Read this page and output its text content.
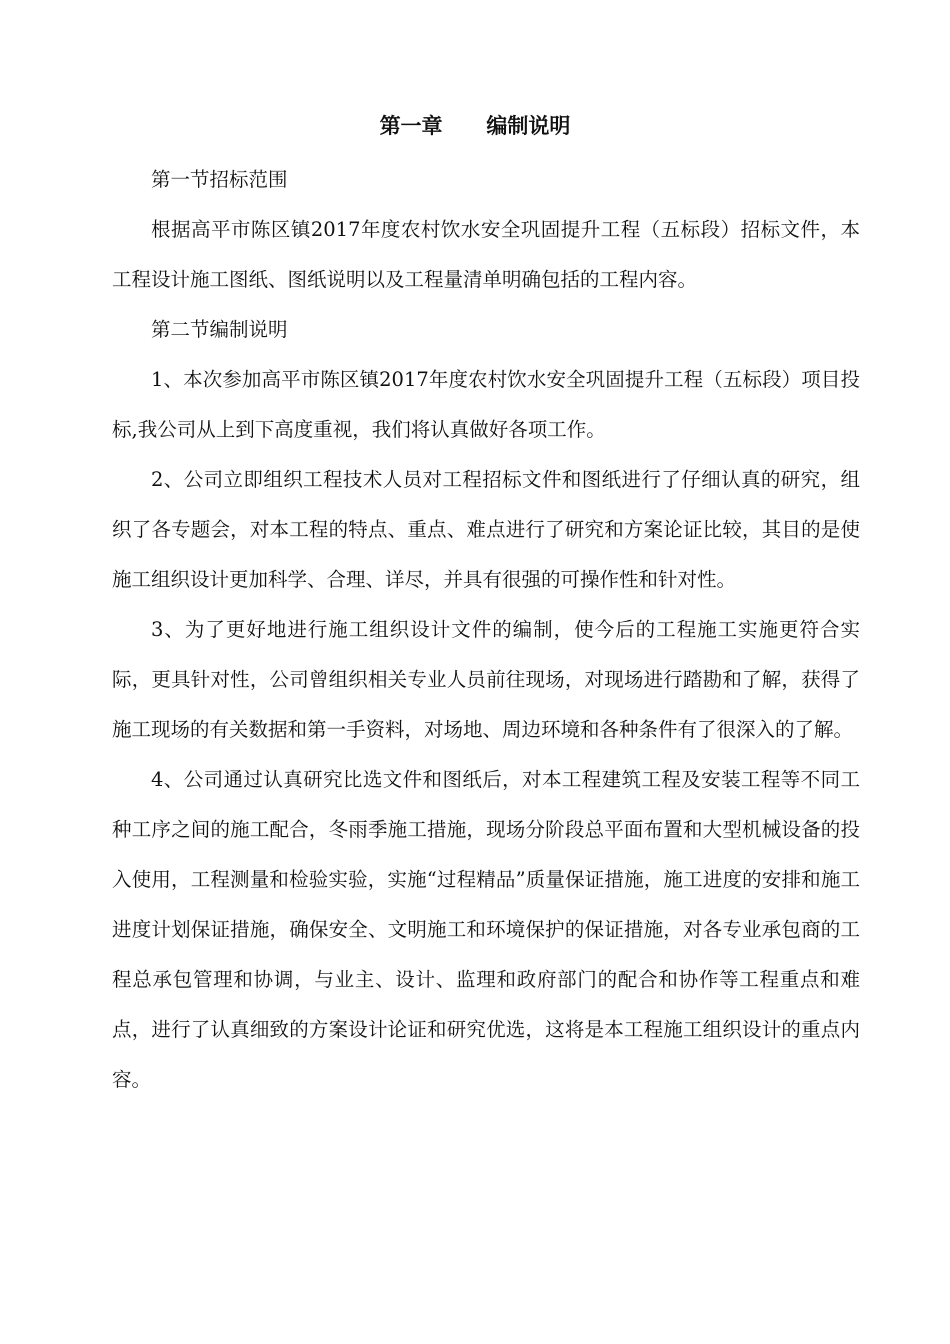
第一章      编制说明

第一节招标范围

根据高平市陈区镇2017年度农村饮水安全巩固提升工程（五标段）招标文件，本工程设计施工图纸、图纸说明以及工程量清单明确包括的工程内容。

第二节编制说明

1、本次参加高平市陈区镇2017年度农村饮水安全巩固提升工程（五标段）项目投标,我公司从上到下高度重视，我们将认真做好各项工作。

2、公司立即组织工程技术人员对工程招标文件和图纸进行了仔细认真的研究，组织了各专题会，对本工程的特点、重点、难点进行了研究和方案论证比较，其目的是使施工组织设计更加科学、合理、详尽，并具有很强的可操作性和针对性。

3、为了更好地进行施工组织设计文件的编制，使今后的工程施工实施更符合实际，更具针对性，公司曾组织相关专业人员前往现场，对现场进行踏勘和了解，获得了施工现场的有关数据和第一手资料，对场地、周边环境和各种条件有了很深入的了解。

4、公司通过认真研究比选文件和图纸后，对本工程建筑工程及安装工程等不同工种工序之间的施工配合，冬雨季施工措施，现场分阶段总平面布置和大型机械设备的投入使用，工程测量和检验实验，实施“过程精品”质量保证措施，施工进度的安排和施工进度计划保证措施，确保安全、文明施工和环境保护的保证措施，对各专业承包商的工程总承包管理和协调，与业主、设计、监理和政府部门的配合和协作等工程重点和难点，进行了认真细致的方案设计论证和研究优选，这将是本工程施工组织设计的重点内容。
